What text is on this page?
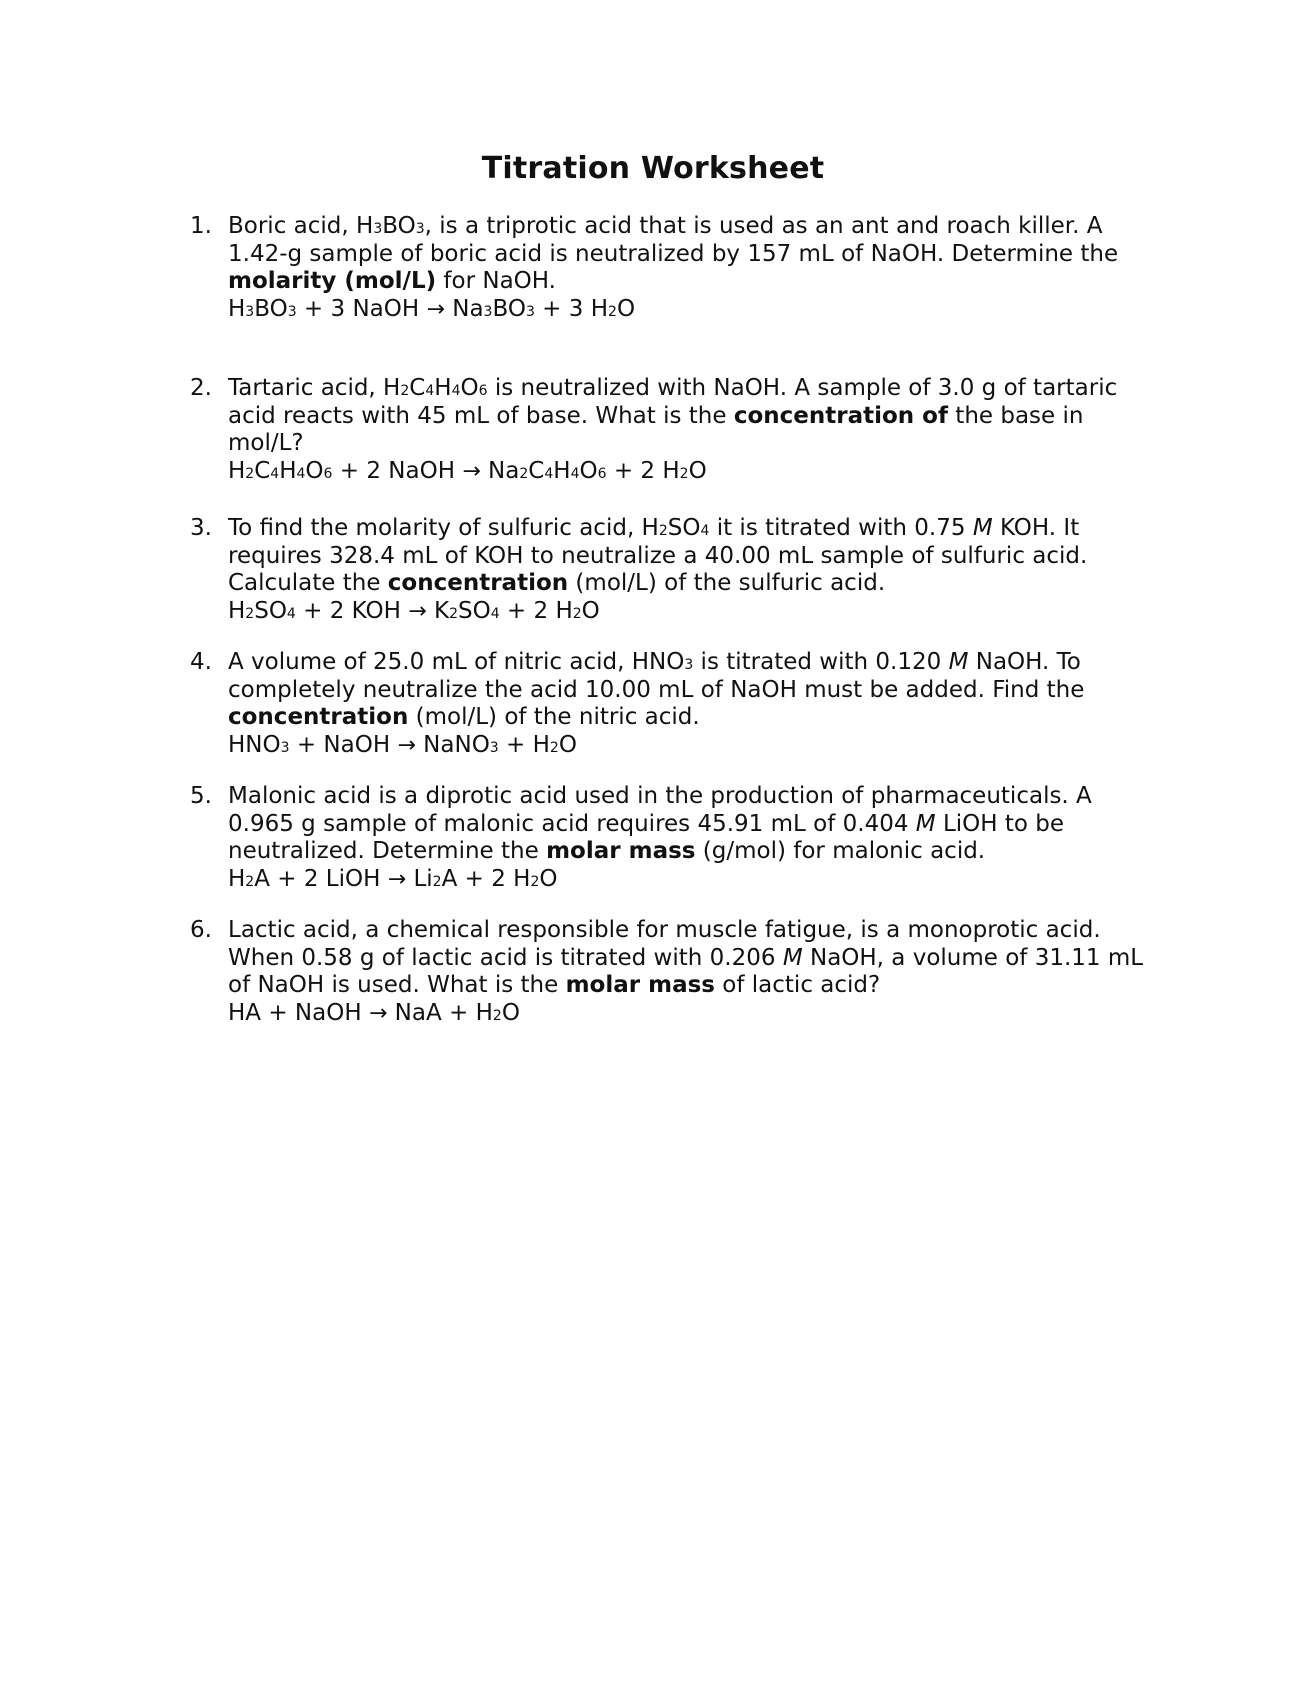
Titration Worksheet
1. Boric acid, H3BO3, is a triprotic acid that is used as an ant and roach killer. A 1.42-g sample of boric acid is neutralized by 157 mL of NaOH. Determine the molarity (mol/L) for NaOH.

H3BO3 + 3 NaOH → Na3BO3 + 3 H2O

2. Tartaric acid, H2C4H4O6 is neutralized with NaOH. A sample of 3.0 g of tartaric acid reacts with 45 mL of base. What is the concentration of the base in mol/L?

H2C4H4O6 + 2 NaOH → Na2C4H4O6 + 2 H2O

3. To find the molarity of sulfuric acid, H2SO4 it is titrated with 0.75 M KOH. It requires 328.4 mL of KOH to neutralize a 40.00 mL sample of sulfuric acid. Calculate the concentration (mol/L) of the sulfuric acid.

H2SO4 + 2 KOH → K2SO4 + 2 H2O

4. A volume of 25.0 mL of nitric acid, HNO3 is titrated with 0.120 M NaOH. To completely neutralize the acid 10.00 mL of NaOH must be added. Find the concentration (mol/L) of the nitric acid.

HNO3 + NaOH → NaNO3 + H2O

5. Malonic acid is a diprotic acid used in the production of pharmaceuticals. A 0.965 g sample of malonic acid requires 45.91 mL of 0.404 M LiOH to be neutralized. Determine the molar mass (g/mol) for malonic acid.

H2A + 2 LiOH → Li2A + 2 H2O

6. Lactic acid, a chemical responsible for muscle fatigue, is a monoprotic acid. When 0.58 g of lactic acid is titrated with 0.206 M NaOH, a volume of 31.11 mL of NaOH is used. What is the molar mass of lactic acid?

HA + NaOH → NaA + H2O
